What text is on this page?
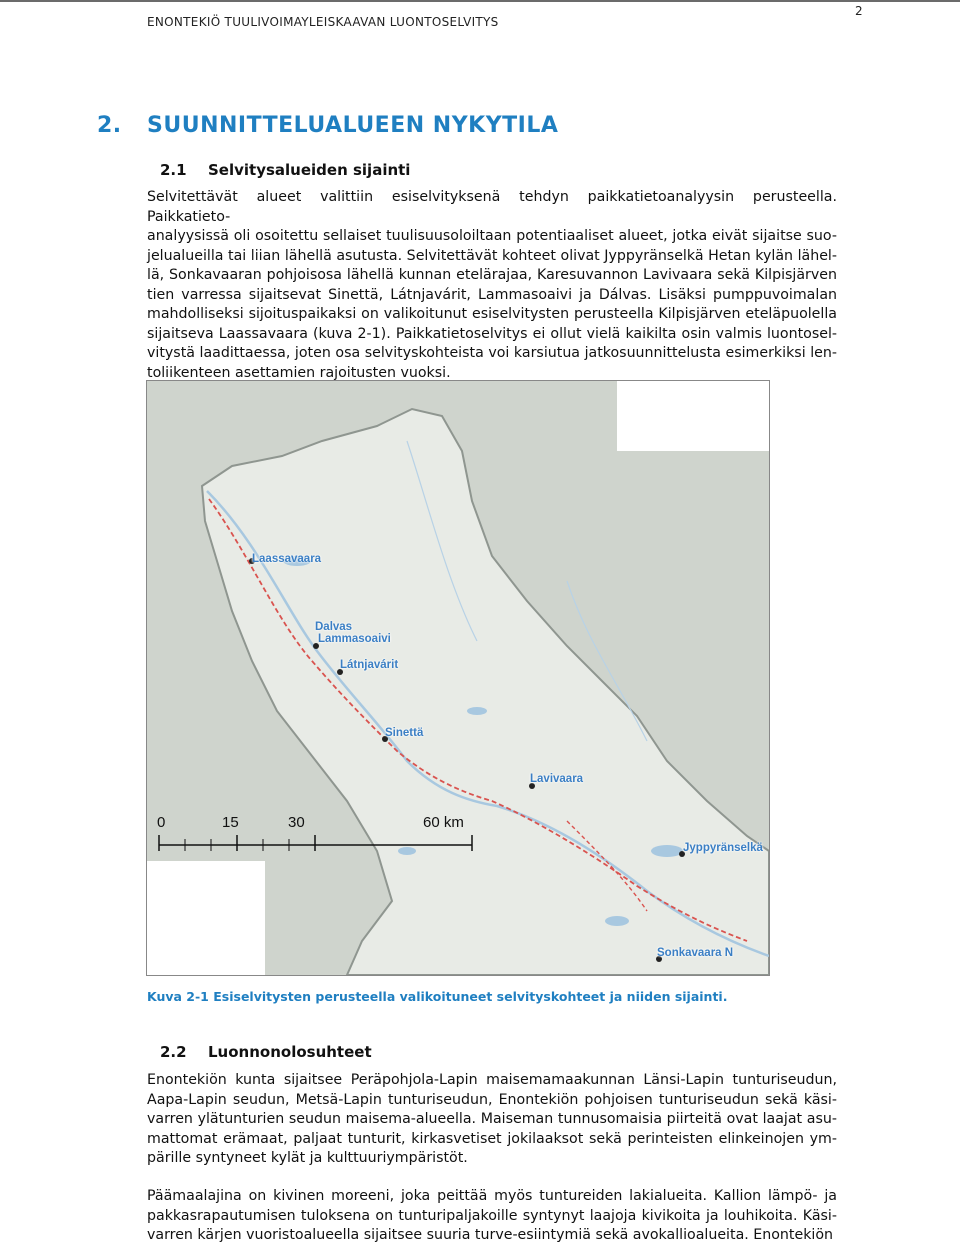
ENONTEKIÖ TUULIVOIMAYLEISKAAVAN LUONTOSELVITYS
2
2. SUUNNITTELUALUEEN NYKYTILA
2.1 Selvitysalueiden sijainti
Selvitettävät alueet valittiin esiselvityksenä tehdyn paikkatietoanalyysin perusteella. Paikkatieto-
analyysissä oli osoitettu sellaiset tuulisuusoloiltaan potentiaaliset alueet, jotka eivät sijaitse suo-
jelualueilla tai liian lähellä asutusta. Selvitettävät kohteet olivat Jyppyränselkä Hetan kylän lähel-
lä, Sonkavaaran pohjoisosa lähellä kunnan etelärajaa, Karesuvannon Lavivaara sekä Kilpisjärven
tien varressa sijaitsevat Sinettä, Látnjavárit, Lammasoaivi ja Dálvas. Lisäksi pumppuvoimalan
mahdolliseksi sijoituspaikaksi on valikoitunut esiselvitysten perusteella Kilpisjärven eteläpuolella
sijaitseva Laassavaara (kuva 2-1). Paikkatietoselvitys ei ollut vielä kaikilta osin valmis luontosel-
vitystä laadittaessa, joten osa selvityskohteista voi karsiutua jatkosuunnittelusta esimerkiksi len-
toliikenteen asettamien rajoitusten vuoksi.
Laassavaara
Dalvas
Lammasoaivi
Látnjavárit
Sinettä
Lavivaara
Jyppyränselkä
Sonkavaara N
0	15	30	60 km
Kuva 2-1 Esiselvitysten perusteella valikoituneet selvityskohteet ja niiden sijainti.
2.2 Luonnonolosuhteet
Enontekiön kunta sijaitsee Peräpohjola-Lapin maisemamaakunnan Länsi-Lapin tunturiseudun,
Aapa-Lapin seudun, Metsä-Lapin tunturiseudun, Enontekiön pohjoisen tunturiseudun sekä käsi-
varren ylätunturien seudun maisema-alueella. Maiseman tunnusomaisia piirteitä ovat laajat asu-
mattomat erämaat, paljaat tunturit, kirkasvetiset jokilaaksot sekä perinteisten elinkeinojen ym-
pärille syntyneet kylät ja kulttuuriympäristöt.
Päämaalajina on kivinen moreeni, joka peittää myös tuntureiden lakialueita. Kallion lämpö- ja
pakkasrapautumisen tuloksena on tunturipaljakoille syntynyt laajoja kivikoita ja louhikoita. Käsi-
varren kärjen vuoristoalueella sijaitsee suuria turve-esiintymiä sekä avokallioalueita. Enontekiön
